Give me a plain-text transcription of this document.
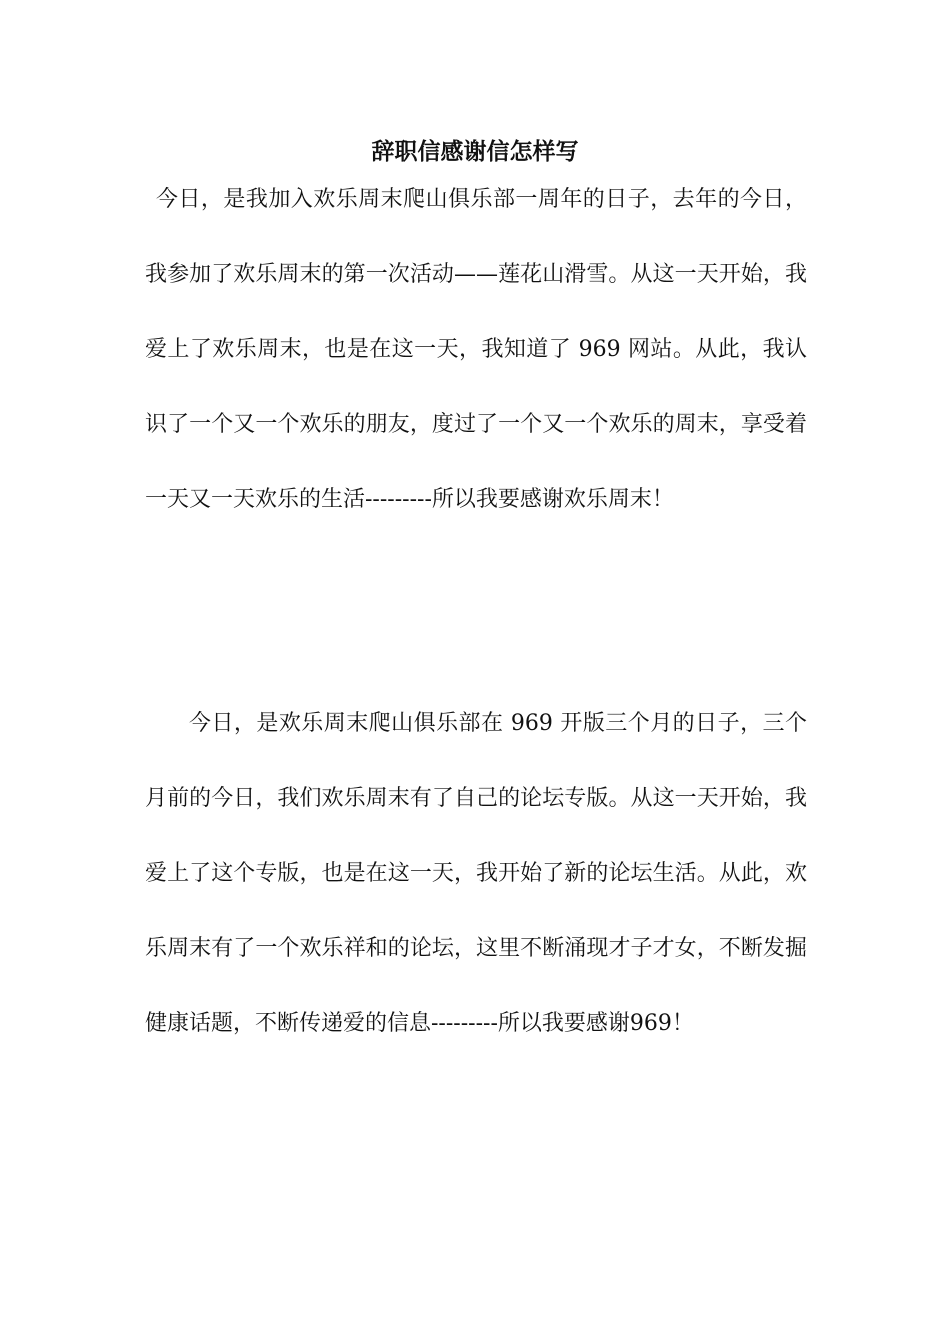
辞职信感谢信怎样写

今日，是我加入欢乐周末爬山俱乐部一周年的日子，去年的今日，我参加了欢乐周末的第一次活动——莲花山滑雪。从这一天开始，我爱上了欢乐周末，也是在这一天，我知道了 969 网站。从此，我认识了一个又一个欢乐的朋友，度过了一个又一个欢乐的周末，享受着一天又一天欢乐的生活---------所以我要感谢欢乐周末！

今日，是欢乐周末爬山俱乐部在 969 开版三个月的日子，三个月前的今日，我们欢乐周末有了自己的论坛专版。从这一天开始，我爱上了这个专版，也是在这一天，我开始了新的论坛生活。从此，欢乐周末有了一个欢乐祥和的论坛，这里不断涌现才子才女，不断发掘健康话题，不断传递爱的信息---------所以我要感谢969！
